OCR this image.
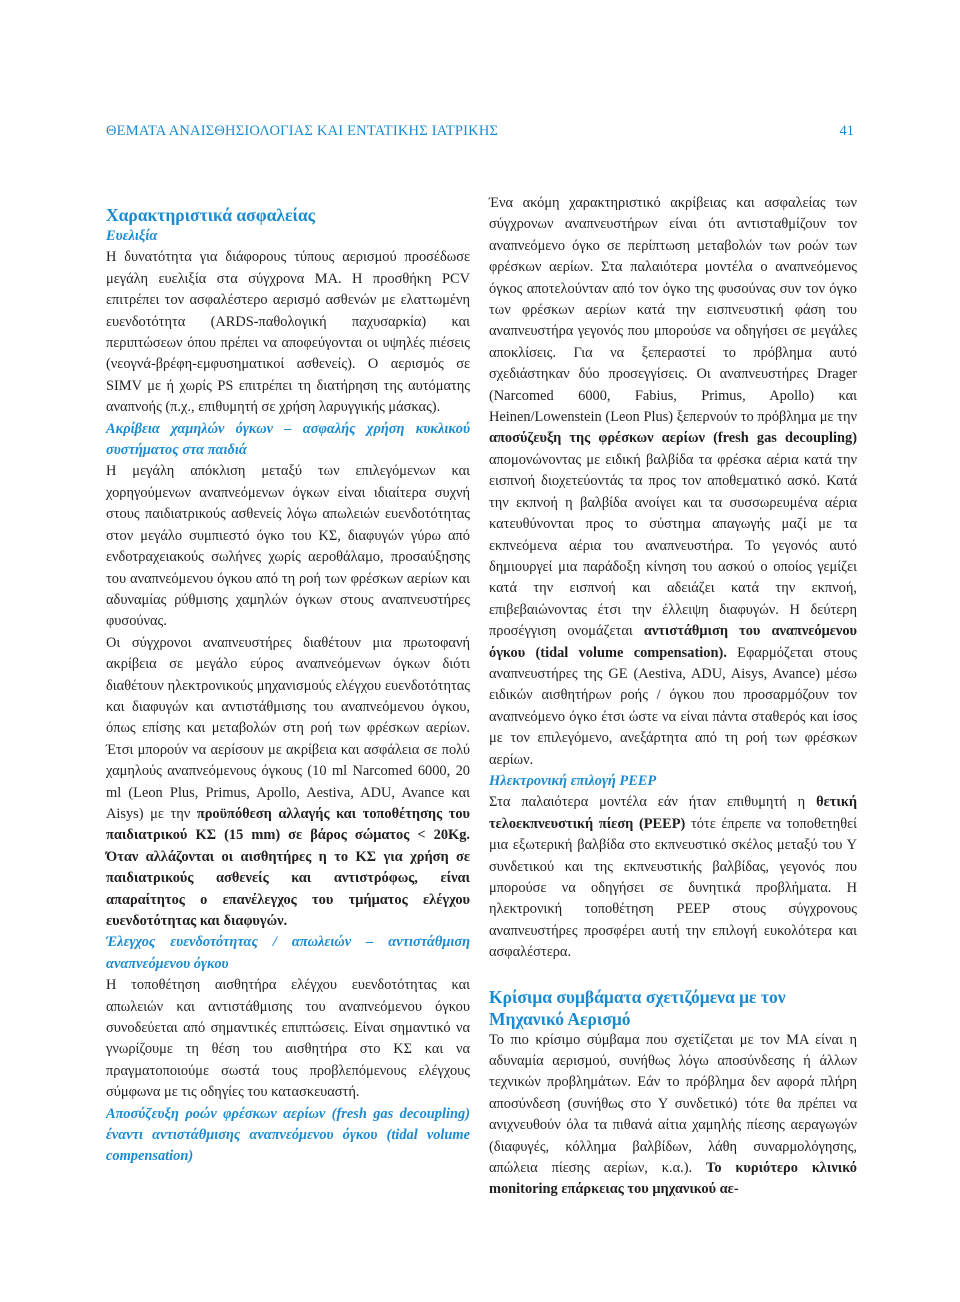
ΘΕΜΑΤΑ ΑΝΑΙΣΘΗΣΙΟΛΟΓΙΑΣ ΚΑΙ ΕΝΤΑΤΙΚΗΣ ΙΑΤΡΙΚΗΣ	41
Χαρακτηριστικά ασφαλείας

Ευελιξία

Η δυνατότητα για διάφορους τύπους αερισμού προσέδωσε μεγάλη ευελιξία στα σύγχρονα ΜΑ. Η προσθήκη PCV επιτρέπει τον ασφαλέστερο αερισμό ασθενών με ελαττωμένη ευενδοτότητα (ARDS-παθολογική παχυσαρκία) και περιπτώσεων όπου πρέπει να αποφεύγονται οι υψηλές πιέσεις (νεογνά-βρέφη-εμφυσηματικοί ασθενείς). Ο αερισμός σε SIMV με ή χωρίς PS επιτρέπει τη διατήρηση της αυτόματης αναπνοής (π.χ., επιθυμητή σε χρήση λαρυγγικής μάσκας).

Ακρίβεια χαμηλών όγκων – ασφαλής χρήση κυκλικού συστήματος στα παιδιά

Η μεγάλη απόκλιση μεταξύ των επιλεγόμενων και χορηγούμενων αναπνεόμενων όγκων είναι ιδιαίτερα συχνή στους παιδιατρικούς ασθενείς λόγω απωλειών ευενδοτότητας στον μεγάλο συμπιεστό όγκο του ΚΣ, διαφυγών γύρω από ενδοτραχειακούς σωλήνες χωρίς αεροθάλαμο, προσαύξησης του αναπνεόμενου όγκου από τη ροή των φρέσκων αερίων και αδυναμίας ρύθμισης χαμηλών όγκων στους αναπνευστήρες φυσούνας.

Οι σύγχρονοι αναπνευστήρες διαθέτουν μια πρωτοφανή ακρίβεια σε μεγάλο εύρος αναπνεόμενων όγκων διότι διαθέτουν ηλεκτρονικούς μηχανισμούς ελέγχου ευενδοτότητας και διαφυγών και αντιστάθμισης του αναπνεόμενου όγκου, όπως επίσης και μεταβολών στη ροή των φρέσκων αερίων. Έτσι μπορούν να αερίσουν με ακρίβεια και ασφάλεια σε πολύ χαμηλούς αναπνεόμενους όγκους (10 ml Narcomed 6000, 20 ml (Leon Plus, Primus, Apollo, Aestiva, ADU, Avance και Aisys) με την προϋπόθεση αλλαγής και τοποθέτησης του παιδιατρικού ΚΣ (15 mm) σε βάρος σώματος < 20Kg. Όταν αλλάζονται οι αισθητήρες η το ΚΣ για χρήση σε παιδιατρικούς ασθενείς και αντιστρόφως, είναι απαραίτητος ο επανέλεγχος του τμήματος ελέγχου ευενδοτότητας και διαφυγών.

Έλεγχος ευενδοτότητας / απωλειών – αντιστάθμιση αναπνεόμενου όγκου

Η τοποθέτηση αισθητήρα ελέγχου ευενδοτότητας και απωλειών και αντιστάθμισης του αναπνεόμενου όγκου συνοδεύεται από σημαντικές επιπτώσεις. Είναι σημαντικό να γνωρίζουμε τη θέση του αισθητήρα στο ΚΣ και να πραγματοποιούμε σωστά τους προβλεπόμενους ελέγχους σύμφωνα με τις οδηγίες του κατασκευαστή.

Αποσύζευξη ροών φρέσκων αερίων (fresh gas decoupling) έναντι αντιστάθμισης αναπνεόμενου όγκου (tidal volume compensation)

Ένα ακόμη χαρακτηριστικό ακρίβειας και ασφαλείας των σύγχρονων αναπνευστήρων είναι ότι αντισταθμίζουν τον αναπνεόμενο όγκο σε περίπτωση μεταβολών των ροών των φρέσκων αερίων. Στα παλαιότερα μοντέλα ο αναπνεόμενος όγκος αποτελούνταν από τον όγκο της φυσούνας συν τον όγκο των φρέσκων αερίων κατά την εισπνευστική φάση του αναπνευστήρα γεγονός που μπορούσε να οδηγήσει σε μεγάλες αποκλίσεις. Για να ξεπεραστεί το πρόβλημα αυτό σχεδιάστηκαν δύο προσεγγίσεις. Οι αναπνευστήρες Drager (Narcomed 6000, Fabius, Primus, Apollo) και Heinen/Lowenstein (Leon Plus) ξεπερνούν το πρόβλημα με την αποσύζευξη της φρέσκων αερίων (fresh gas decoupling) απομονώνοντας με ειδική βαλβίδα τα φρέσκα αέρια κατά την εισπνοή διοχετεύοντάς τα προς τον αποθεματικό ασκό. Κατά την εκπνοή η βαλβίδα ανοίγει και τα συσσωρευμένα αέρια κατευθύνονται προς το σύστημα απαγωγής μαζί με τα εκπνεόμενα αέρια του αναπνευστήρα. Το γεγονός αυτό δημιουργεί μια παράδοξη κίνηση του ασκού ο οποίος γεμίζει κατά την εισπνοή και αδειάζει κατά την εκπνοή, επιβεβαιώνοντας έτσι την έλλειψη διαφυγών. Η δεύτερη προσέγγιση ονομάζεται αντιστάθμιση του αναπνεόμενου όγκου (tidal volume compensation). Εφαρμόζεται στους αναπνευστήρες της GE (Aestiva, ADU, Aisys, Avance) μέσω ειδικών αισθητήρων ροής / όγκου που προσαρμόζουν τον αναπνεόμενο όγκο έτσι ώστε να είναι πάντα σταθερός και ίσος με τον επιλεγόμενο, ανεξάρτητα από τη ροή των φρέσκων αερίων.

Ηλεκτρονική επιλογή PEEP

Στα παλαιότερα μοντέλα εάν ήταν επιθυμητή η θετική τελοεκπνευστική πίεση (PEEP) τότε έπρεπε να τοποθετηθεί μια εξωτερική βαλβίδα στο εκπνευστικό σκέλος μεταξύ του Υ συνδετικού και της εκπνευστικής βαλβίδας, γεγονός που μπορούσε να οδηγήσει σε δυνητικά προβλήματα. Η ηλεκτρονική τοποθέτηση PEEP στους σύγχρονους αναπνευστήρες προσφέρει αυτή την επιλογή ευκολότερα και ασφαλέστερα.

Κρίσιμα συμβάματα σχετιζόμενα με τον Μηχανικό Αερισμό

Το πιο κρίσιμο σύμβαμα που σχετίζεται με τον ΜΑ είναι η αδυναμία αερισμού, συνήθως λόγω αποσύνδεσης ή άλλων τεχνικών προβλημάτων. Εάν το πρόβλημα δεν αφορά πλήρη αποσύνδεση (συνήθως στο Υ συνδετικό) τότε θα πρέπει να ανιχνευθούν όλα τα πιθανά αίτια χαμηλής πίεσης αεραγωγών (διαφυγές, κόλλημα βαλβίδων, λάθη συναρμολόγησης, απώλεια πίεσης αερίων, κ.α.). Το κυριότερο κλινικό monitoring επάρκειας του μηχανικού αε-
